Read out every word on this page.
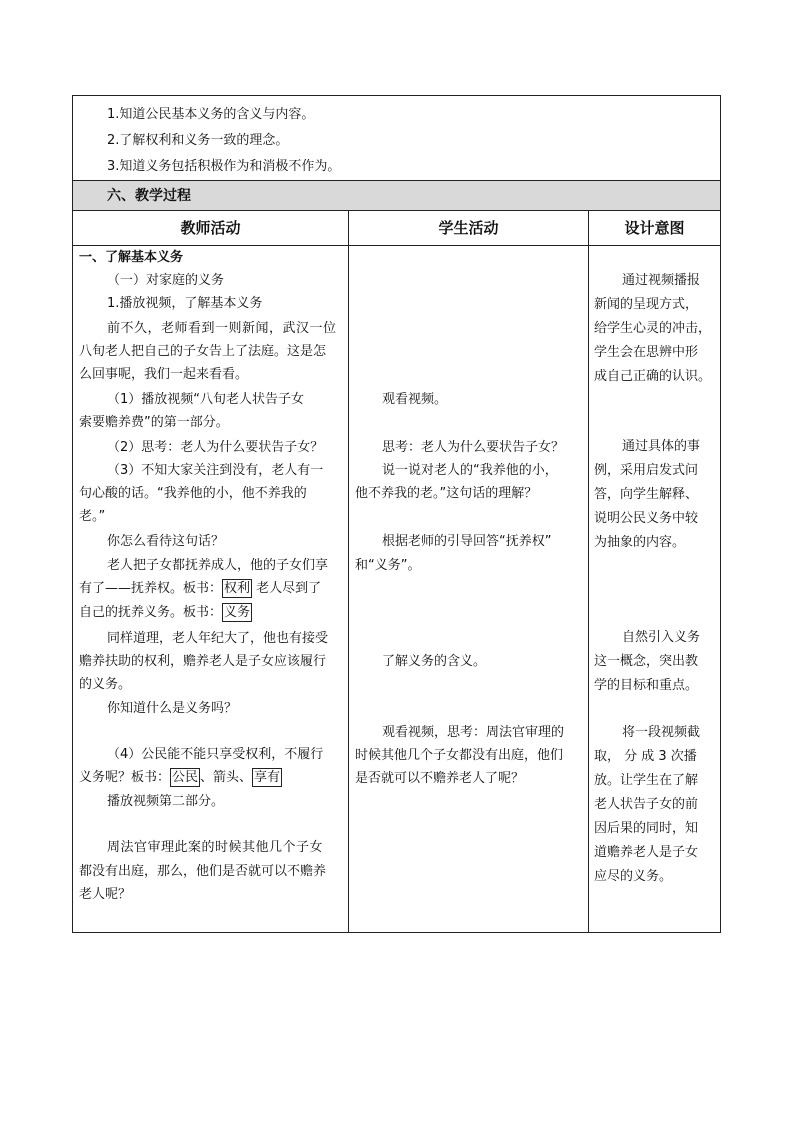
1.知道公民基本义务的含义与内容。
2.了解权利和义务一致的理念。
3.知道义务包括积极作为和消极不作为。
六、教学过程
教师活动	学生活动	设计意图
一、了解基本义务
（一）对家庭的义务
1.播放视频，了解基本义务
前不久，老师看到一则新闻，武汉一位
八旬老人把自己的子女告上了法庭。这是怎
么回事呢，我们一起来看看。
（1）播放视频“八旬老人状告子女
索要赡养费”的第一部分。
（2）思考：老人为什么要状告子女？
（3）不知大家关注到没有，老人有一
句心酸的话。“我养他的小，他不养我的
老。”
你怎么看待这句话？
老人把子女都抚养成人，他的子女们享
有了——抚养权。板书： 权利 老人尽到了
自己的抚养义务。板书： 义务
同样道理，老人年纪大了，他也有接受
赡养扶助的权利，赡养老人是子女应该履行
的义务。
你知道什么是义务吗？
（4）公民能不能只享受权利，不履行
义务呢？板书： 公民 、箭头、 享有
播放视频第二部分。
周法官审理此案的时候其他几个子女
都没有出庭，那么，他们是否就可以不赡养
老人呢？
观看视频。
思考：老人为什么要状告子女？
说一说对老人的“我养他的小，
他不养我的老。”这句话的理解？
根据老师的引导回答“抚养权”
和“义务”。
了解义务的含义。
观看视频，思考：周法官审理的
时候其他几个子女都没有出庭，他们
是否就可以不赡养老人了呢？
通过视频播报
新闻的呈现方式，
给学生心灵的冲击，
学生会在思辨中形
成自己正确的认识。
通过具体的事
例，采用启发式问
答，向学生解释、
说明公民义务中较
为抽象的内容。
自然引入义务
这一概念，突出教
学的目标和重点。
将一段视频截
取， 分 成 3 次播
放。让学生在了解
老人状告子女的前
因后果的同时，知
道赡养老人是子女
应尽的义务。
